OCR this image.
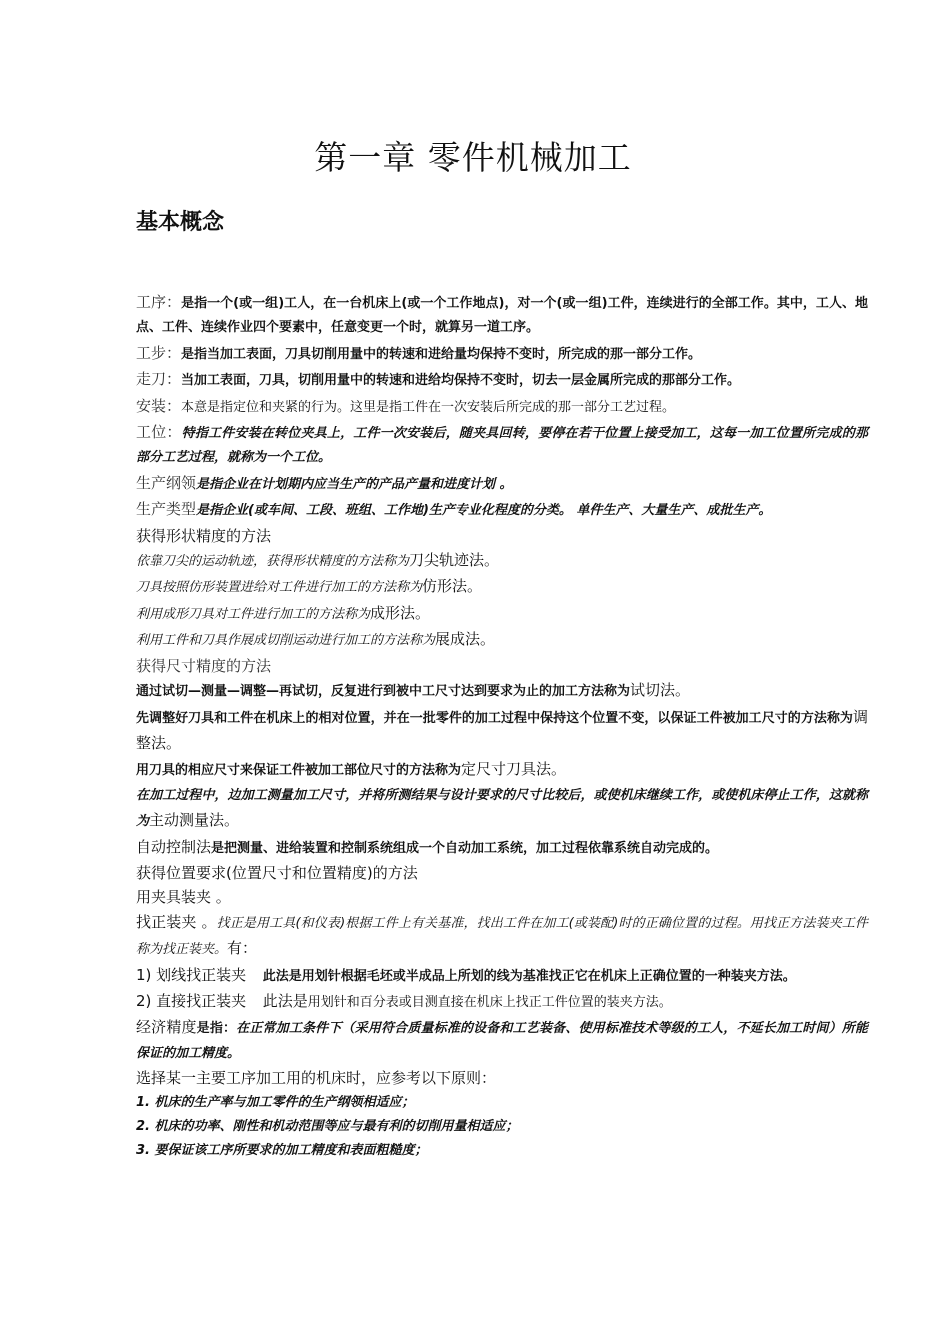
第一章 零件机械加工
基本概念

工序：是指一个(或一组)工人，在一台机床上(或一个工作地点)，对一个(或一组)工件，连续进行的全部工作。其中，工人、地点、工件、连续作业四个要素中，任意变更一个时，就算另一道工序。

工步：是指当加工表面，刀具切削用量中的转速和进给量均保持不变时，所完成的那一部分工作。

走刀：当加工表面，刀具，切削用量中的转速和进给均保持不变时，切去一层金属所完成的那部分工作。

安装：本意是指定位和夹紧的行为。这里是指工件在一次安装后所完成的那一部分工艺过程。

工位：特指工件安装在转位夹具上，工件一次安装后，随夹具回转，要停在若干位置上接受加工，这每一加工位置所完成的那部分工艺过程，就称为一个工位。

生产纲领是指企业在计划期内应当生产的产品产量和进度计划 。

生产类型是指企业(或车间、工段、班组、工作地)生产专业化程度的分类。 单件生产、大量生产、成批生产。

获得形状精度的方法

依靠刀尖的运动轨迹，获得形状精度的方法称为刀尖轨迹法。

刀具按照仿形装置进给对工件进行加工的方法称为仿形法。

利用成形刀具对工件进行加工的方法称为成形法。

利用工件和刀具作展成切削运动进行加工的方法称为展成法。

获得尺寸精度的方法

通过试切—测量—调整—再试切，反复进行到被中工尺寸达到要求为止的加工方法称为试切法。

先调整好刀具和工件在机床上的相对位置，并在一批零件的加工过程中保持这个位置不变，以保证工件被加工尺寸的方法称为调整法。

用刀具的相应尺寸来保证工件被加工部位尺寸的方法称为定尺寸刀具法。

在加工过程中，边加工测量加工尺寸，并将所测结果与设计要求的尺寸比较后，或使机床继续工作，或使机床停止工作，这就称为主动测量法。

自动控制法是把测量、进给装置和控制系统组成一个自动加工系统，加工过程依靠系统自动完成的。

获得位置要求(位置尺寸和位置精度)的方法

用夹具装夹 。

找正装夹 。找正是用工具(和仪表)根据工件上有关基准，找出工件在加工(或装配)时的正确位置的过程。用找正方法装夹工件称为找正装夹。有：

1) 划线找正装夹 此法是用划针根据毛坯或半成品上所划的线为基准找正它在机床上正确位置的一种装夹方法。

2) 直接找正装夹 此法是用划针和百分表或目测直接在机床上找正工件位置的装夹方法。

经济精度是指：在正常加工条件下（采用符合质量标准的设备和工艺装备、使用标准技术等级的工人，不延长加工时间）所能保证的加工精度。

选择某一主要工序加工用的机床时，应参考以下原则：

1. 机床的生产率与加工零件的生产纲领相适应；

2. 机床的功率、刚性和机动范围等应与最有利的切削用量相适应；

3. 要保证该工序所要求的加工精度和表面粗糙度；
